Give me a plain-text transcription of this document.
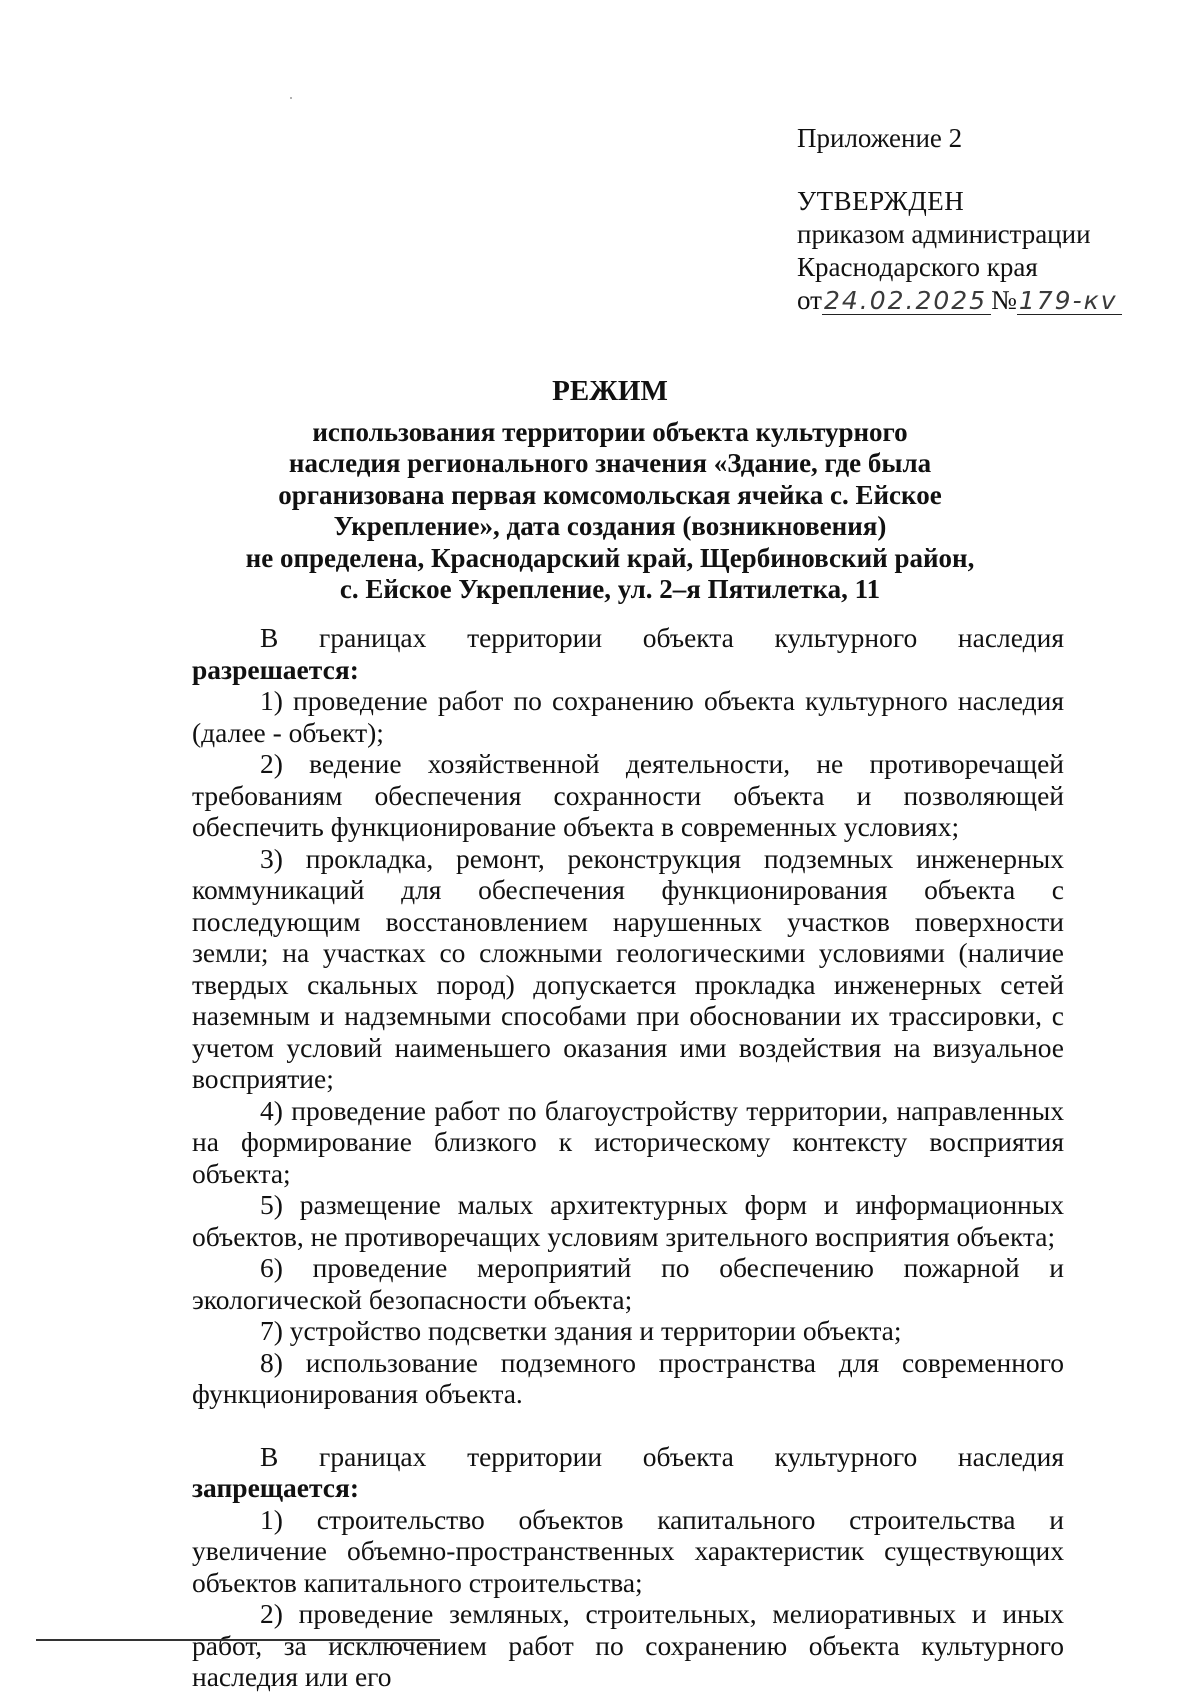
Приложение 2
УТВЕРЖДЕН
приказом администрации
Краснодарского края
от24.02.2025 №179-кv
РЕЖИМ
использования территории объекта культурного
наследия регионального значения «Здание, где была
организована первая комсомольская ячейка с. Ейское
Укрепление», дата создания (возникновения)
не определена, Краснодарский край, Щербиновский район,
с. Ейское Укрепление, ул. 2–я Пятилетка, 11

В границах территории объекта культурного наследия разрешается:

1) проведение работ по сохранению объекта культурного наследия (далее - объект);

2) ведение хозяйственной деятельности, не противоречащей требованиям обеспечения сохранности объекта и позволяющей обеспечить функционирование объекта в современных условиях;

3) прокладка, ремонт, реконструкция подземных инженерных коммуникаций для обеспечения функционирования объекта с последующим восстановлением нарушенных участков поверхности земли; на участках со сложными геологическими условиями (наличие твердых скальных пород) допускается прокладка инженерных сетей наземным и надземными способами при обосновании их трассировки, с учетом условий наименьшего оказания ими воздействия на визуальное восприятие;

4) проведение работ по благоустройству территории, направленных на формирование близкого к историческому контексту восприятия объекта;

5) размещение малых архитектурных форм и информационных объектов, не противоречащих условиям зрительного восприятия объекта;

6) проведение мероприятий по обеспечению пожарной и экологической безопасности объекта;

7) устройство подсветки здания и территории объекта;

8) использование подземного пространства для современного функционирования объекта.

В границах территории объекта культурного наследия запрещается:

1) строительство объектов капитального строительства и увеличение объемно-пространственных характеристик существующих объектов капитального строительства;

2) проведение земляных, строительных, мелиоративных и иных работ, за исключением работ по сохранению объекта культурного наследия или его
